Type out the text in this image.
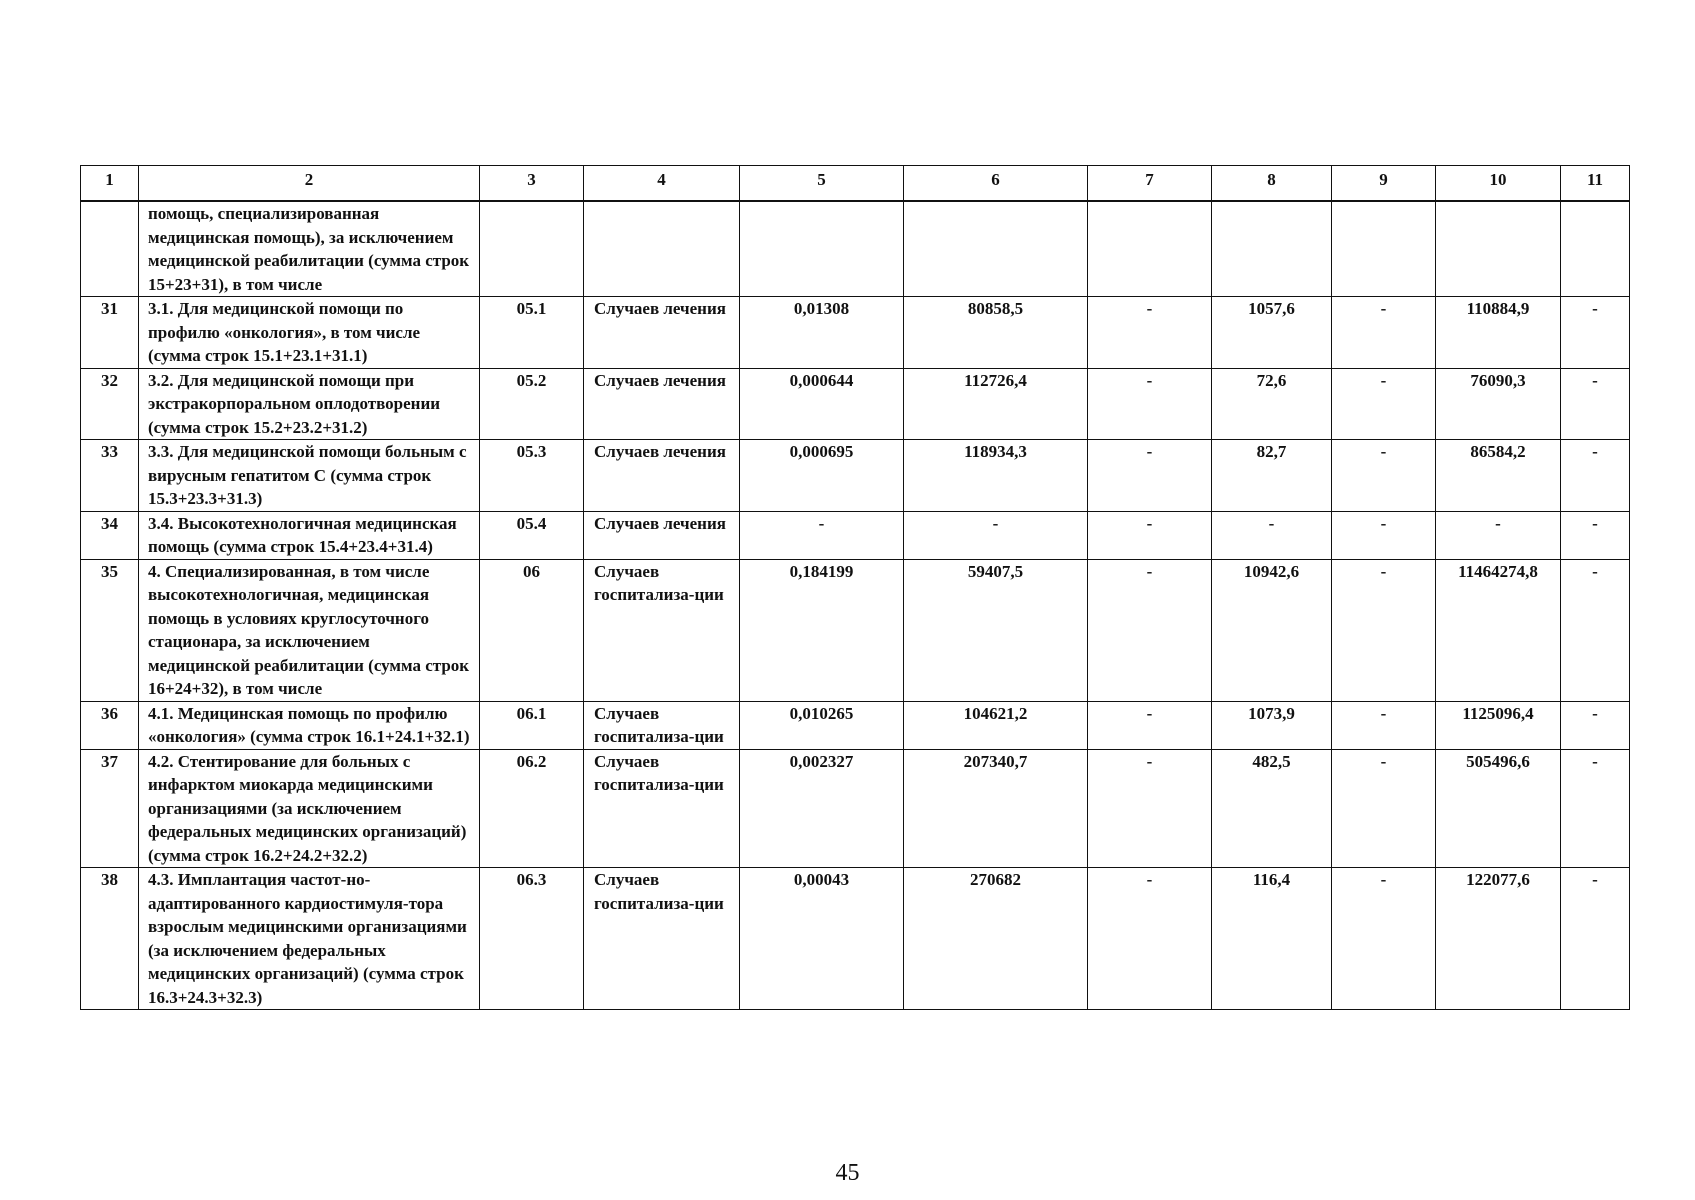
1	2	3	4	5	6	7	8	9	10	11
	помощь, специализированная медицинская помощь), за исключением медицинской реабилитации (сумма строк 15+23+31), в том числе									
31	3.1. Для медицинской помощи по профилю «онкология», в том числе (сумма строк 15.1+23.1+31.1)	05.1	Случаев лечения	0,01308	80858,5	-	1057,6	-	110884,9	-
32	3.2. Для медицинской помощи при экстракорпоральном оплодотворении (сумма строк 15.2+23.2+31.2)	05.2	Случаев лечения	0,000644	112726,4	-	72,6	-	76090,3	-
33	3.3. Для медицинской помощи больным с вирусным гепатитом С (сумма строк 15.3+23.3+31.3)	05.3	Случаев лечения	0,000695	118934,3	-	82,7	-	86584,2	-
34	3.4. Высокотехнологичная медицинская помощь (сумма строк 15.4+23.4+31.4)	05.4	Случаев лечения	-	-	-	-	-	-	-
35	4. Специализированная, в том числе высокотехнологичная, медицинская помощь в условиях круглосуточного стационара, за исключением медицинской реабилитации (сумма строк 16+24+32), в том числе	06	Случаев госпитализа-ции	0,184199	59407,5	-	10942,6	-	11464274,8	-
36	4.1. Медицинская помощь по профилю «онкология» (сумма строк 16.1+24.1+32.1)	06.1	Случаев госпитализа-ции	0,010265	104621,2	-	1073,9	-	1125096,4	-
37	4.2. Стентирование для больных с инфарктом миокарда медицинскими организациями (за исключением федеральных медицинских организаций) (сумма строк 16.2+24.2+32.2)	06.2	Случаев госпитализа-ции	0,002327	207340,7	-	482,5	-	505496,6	-
38	4.3. Имплантация частот-но-адаптированного кардиостимуля-тора взрослым медицинскими организациями (за исключением федеральных медицинских организаций) (сумма строк 16.3+24.3+32.3)	06.3	Случаев госпитализа-ции	0,00043	270682	-	116,4	-	122077,6	-
45
